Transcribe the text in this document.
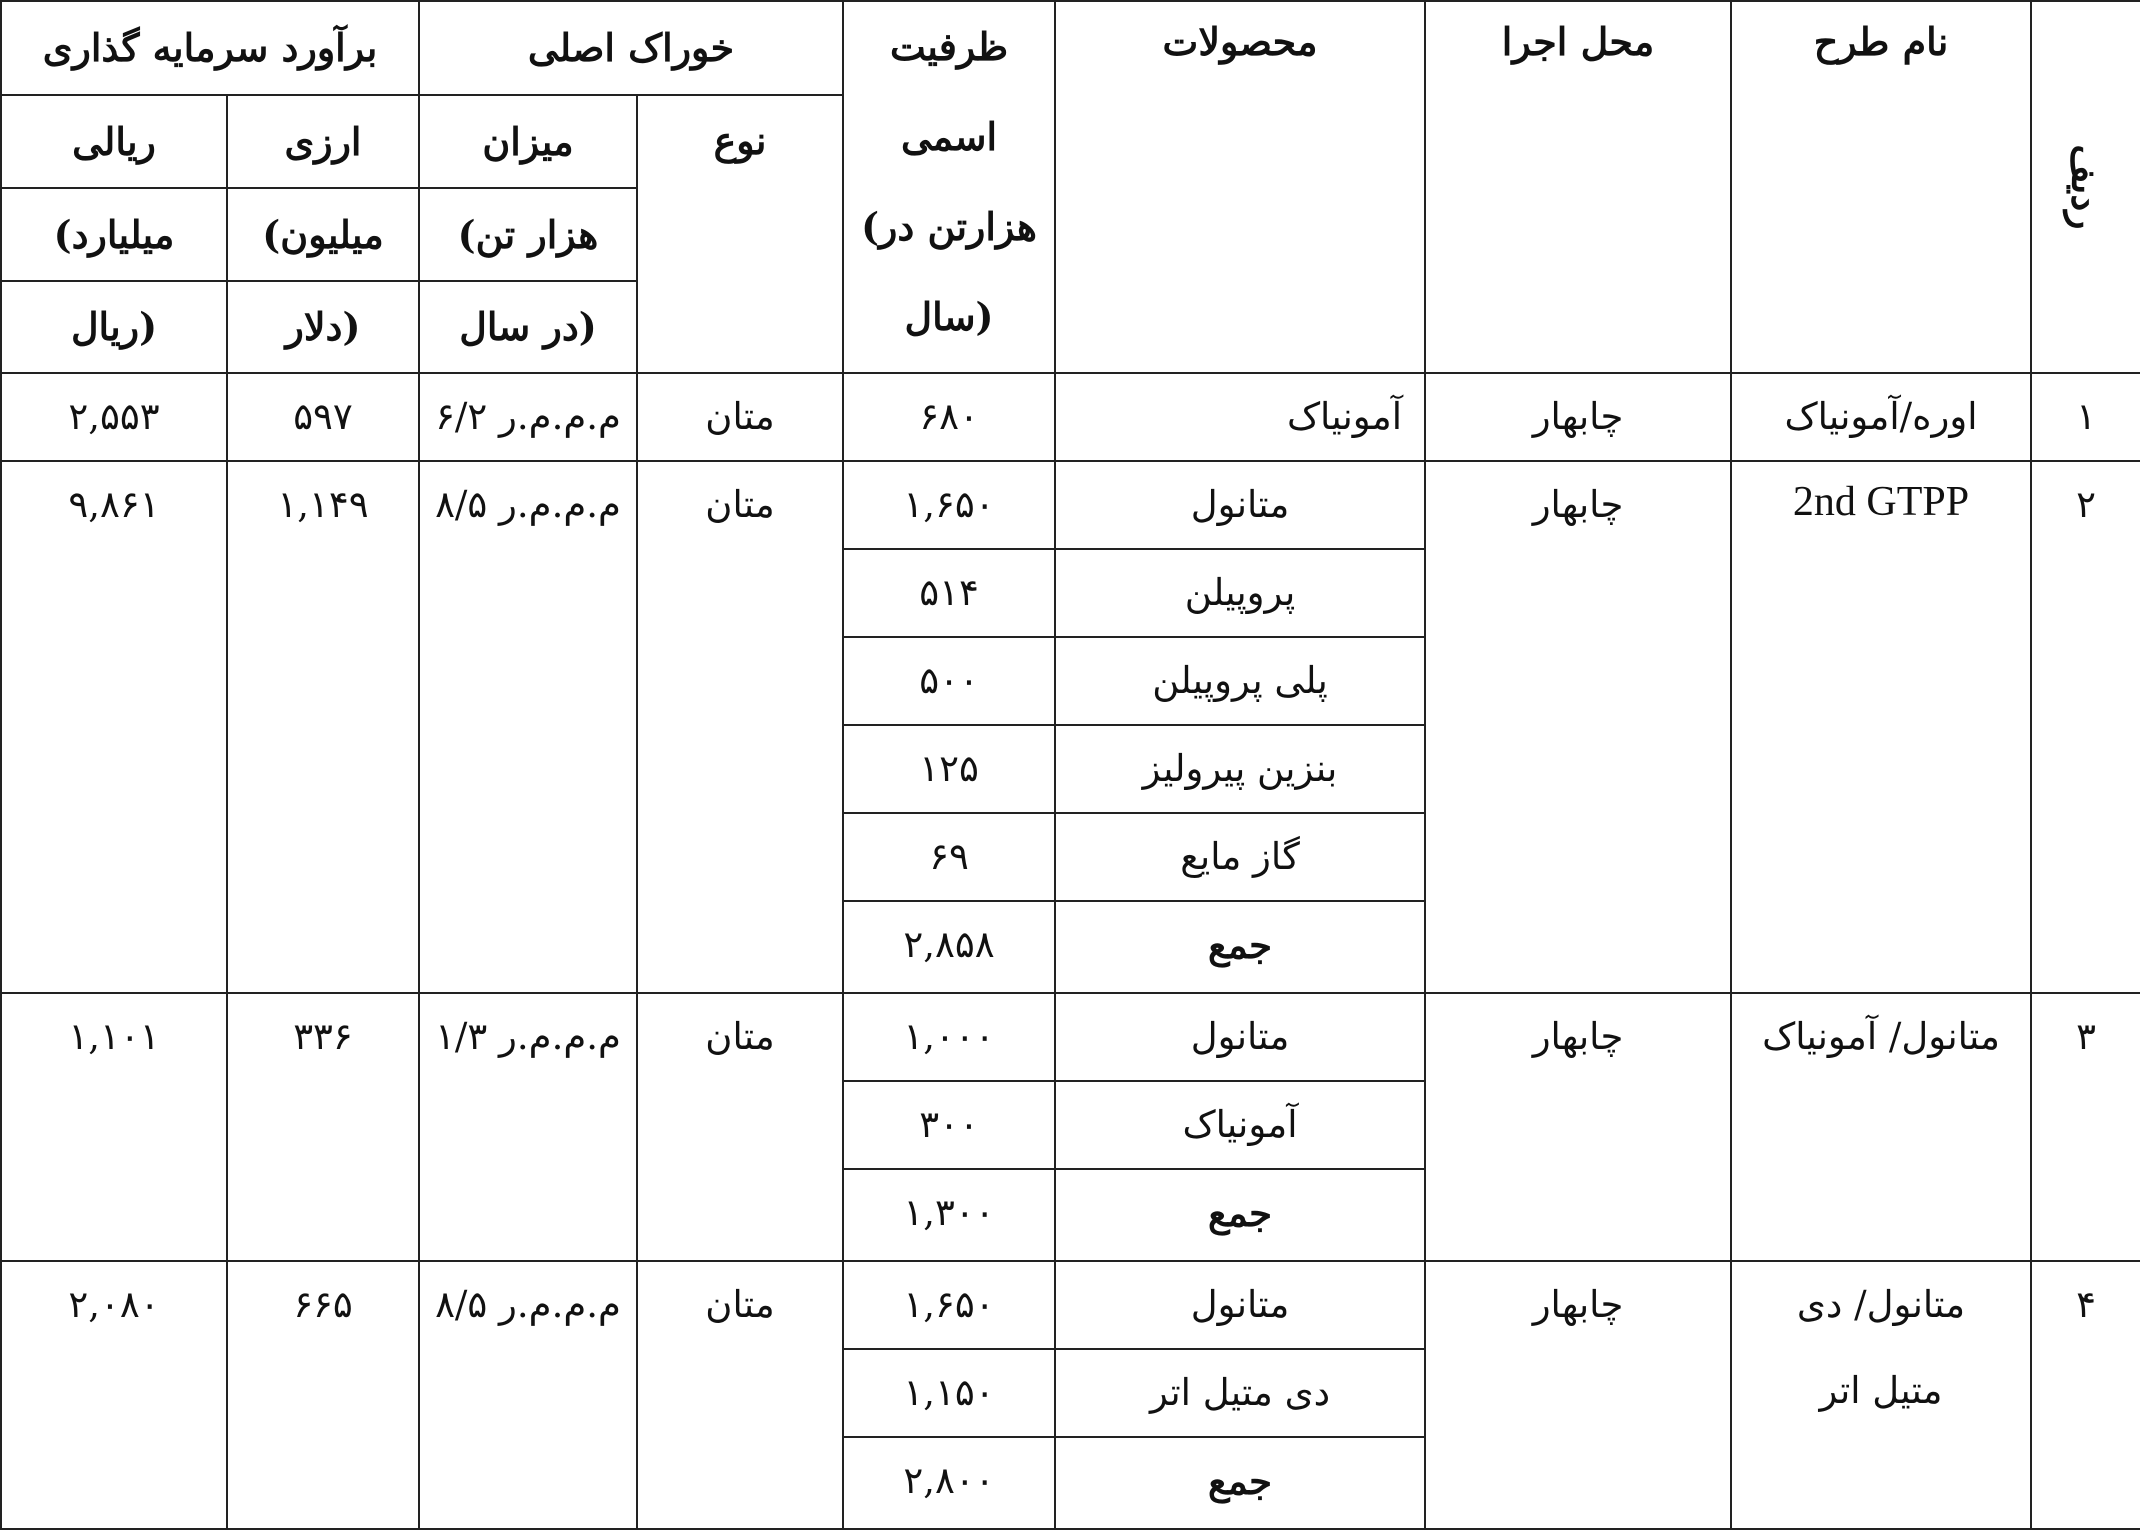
برآورد سرمایه گذاری		خوراک اصلی		ظرفیت
اسمی
(هزارتن در
سال)	محصولات	محل اجرا	نام طرح	ردیف
ریالی	ارزی	میزان	نوع					
(میلیارد	(میلیون	(هزار تن						
ریال)	دلار)	در سال)						
۲,۵۵۳	۵۹۷	۶/۲ م.م.م.ر	متان	۶۸۰	آمونیاک	چابهار	اوره/آمونیاک	۱
۹,۸۶۱	۱,۱۴۹	۸/۵ م.م.م.ر	متان	۱,۶۵۰	متانول	چابهار	2nd GTPP	۲
				۵۱۴	پروپیلن			
				۵۰۰	پلی پروپیلن			
				۱۲۵	بنزین پیرولیز			
				۶۹	گاز مایع			
				۲,۸۵۸	جمع			
۱,۱۰۱	۳۳۶	۱/۳ م.م.م.ر	متان	۱,۰۰۰	متانول	چابهار	متانول/ آمونیاک	۳
				۳۰۰	آمونیاک			
				۱,۳۰۰	جمع			
۲,۰۸۰	۶۶۵	۸/۵ م.م.م.ر	متان	۱,۶۵۰	متانول	چابهار	متانول/ دی متیل اتر	۴
				۱,۱۵۰	دی متیل اتر			
				۲,۸۰۰	جمع			
